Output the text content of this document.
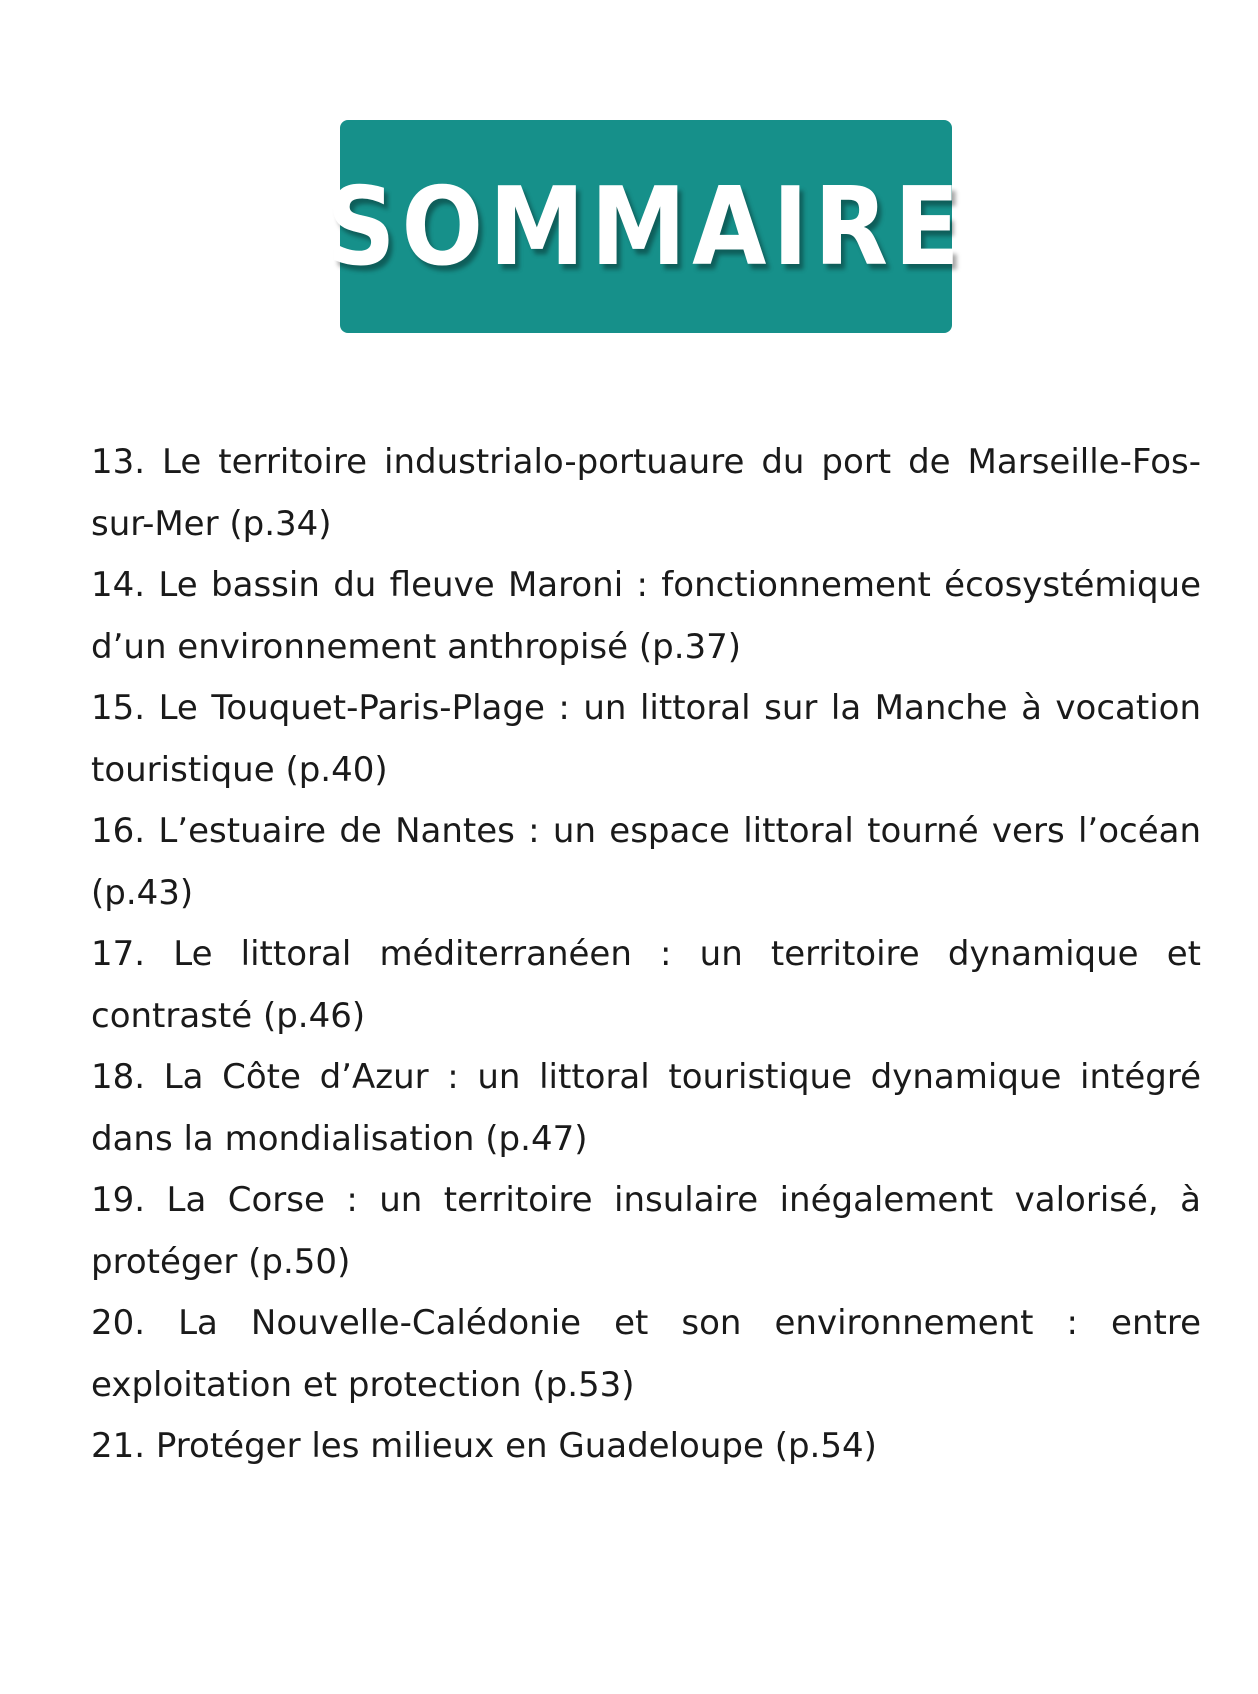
SOMMAIRE
13. Le territoire industrialo-portuaure du port de Marseille-Fos-sur-Mer (p.34)
14. Le bassin du fleuve Maroni : fonctionnement écosystémique d’un environnement anthropisé (p.37)
15. Le Touquet-Paris-Plage : un littoral sur la Manche à vocation touristique (p.40)
16. L’estuaire de Nantes : un espace littoral tourné vers l’océan (p.43)
17. Le littoral méditerranéen : un territoire dynamique et contrasté (p.46)
18. La Côte d’Azur : un littoral touristique dynamique intégré dans la mondialisation (p.47)
19. La Corse : un territoire insulaire inégalement valorisé, à protéger (p.50)
20. La Nouvelle-Calédonie et son environnement : entre exploitation et protection (p.53)
21. Protéger les milieux en Guadeloupe (p.54)
